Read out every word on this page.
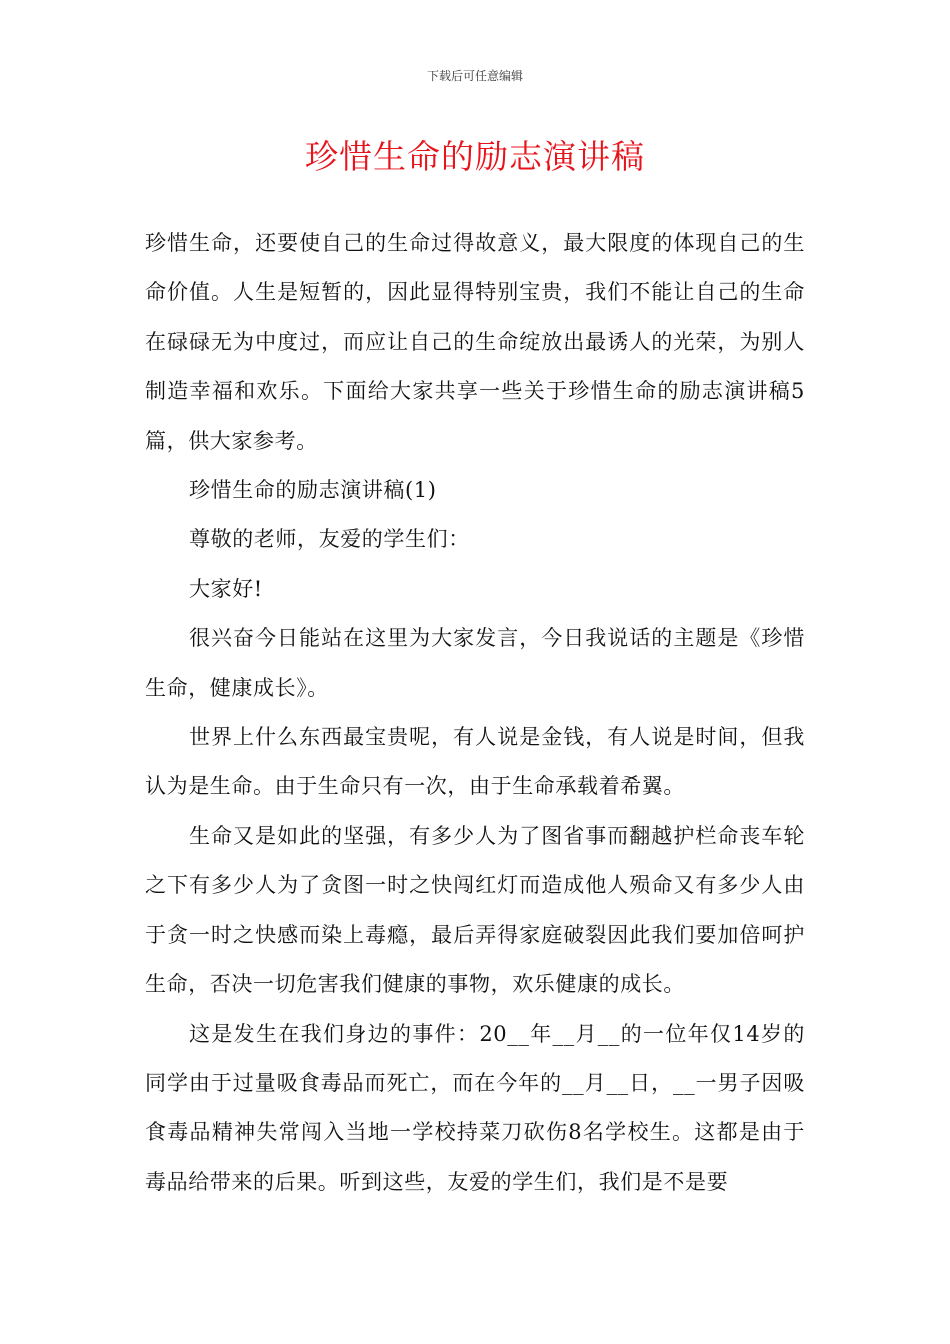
下载后可任意编辑
珍惜生命的励志演讲稿

珍惜生命，还要使自己的生命过得故意义，最大限度的体现自己的生命价值。人生是短暂的，因此显得特别宝贵，我们不能让自己的生命在碌碌无为中度过，而应让自己的生命绽放出最诱人的光荣，为别人制造幸福和欢乐。下面给大家共享一些关于珍惜生命的励志演讲稿5篇，供大家参考。

珍惜生命的励志演讲稿(1)

尊敬的老师，友爱的学生们：

大家好!

很兴奋今日能站在这里为大家发言，今日我说话的主题是《珍惜生命，健康成长》。

世界上什么东西最宝贵呢，有人说是金钱，有人说是时间，但我认为是生命。由于生命只有一次，由于生命承载着希翼。

生命又是如此的坚强，有多少人为了图省事而翻越护栏命丧车轮之下有多少人为了贪图一时之快闯红灯而造成他人殒命又有多少人由于贪一时之快感而染上毒瘾，最后弄得家庭破裂因此我们要加倍呵护生命，否决一切危害我们健康的事物，欢乐健康的成长。

这是发生在我们身边的事件：20__年__月__的一位年仅14岁的同学由于过量吸食毒品而死亡，而在今年的__月__日，__一男子因吸食毒品精神失常闯入当地一学校持菜刀砍伤8名学校生。这都是由于毒品给带来的后果。听到这些，友爱的学生们，我们是不是要
